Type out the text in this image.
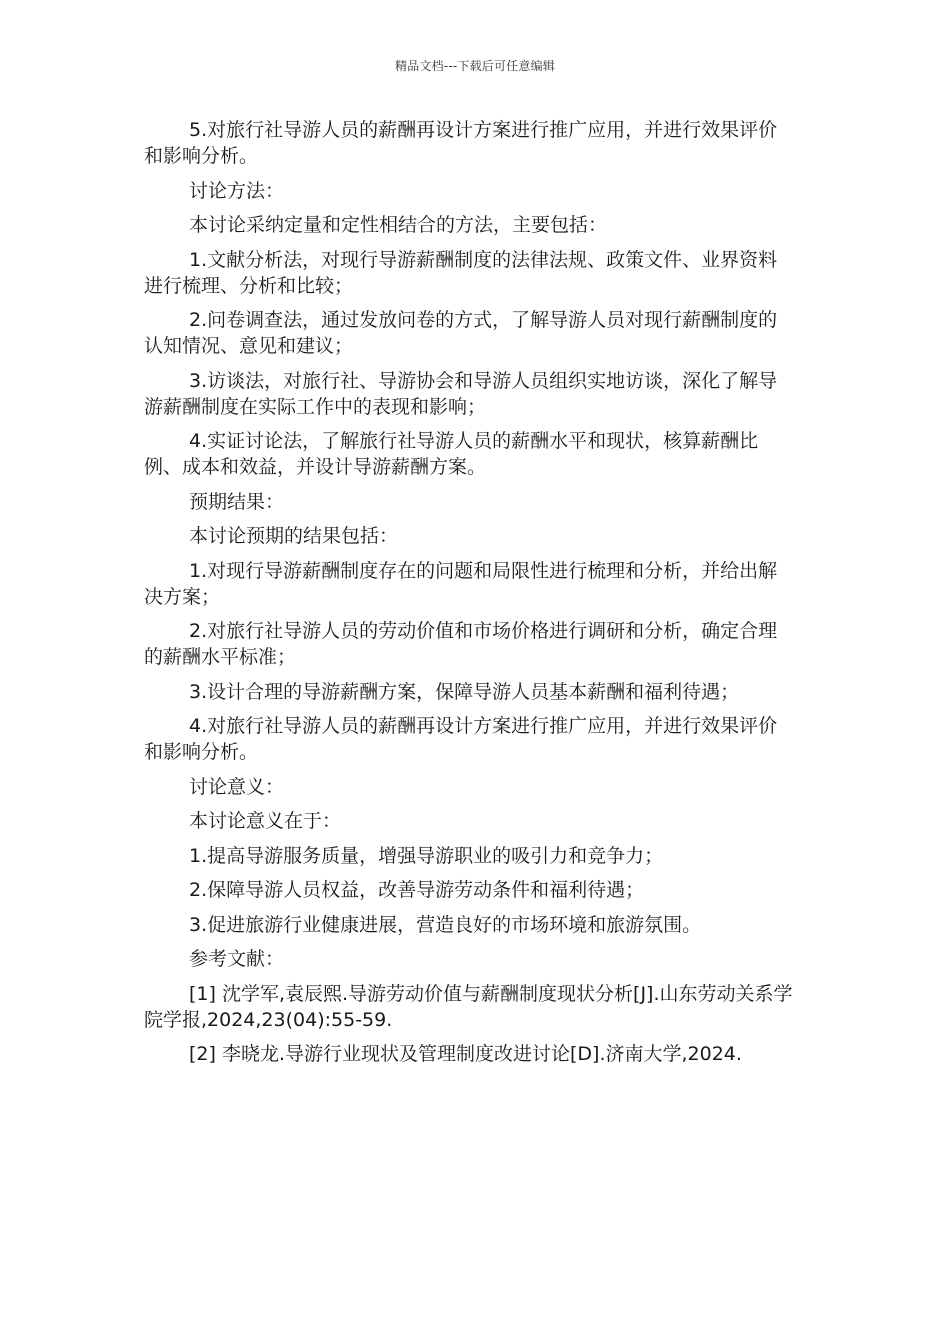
精品文档---下载后可任意编辑

5.对旅行社导游人员的薪酬再设计方案进行推广应用，并进行效果评价和影响分析。

讨论方法：

本讨论采纳定量和定性相结合的方法，主要包括：

1.文献分析法，对现行导游薪酬制度的法律法规、政策文件、业界资料进行梳理、分析和比较；

2.问卷调查法，通过发放问卷的方式，了解导游人员对现行薪酬制度的认知情况、意见和建议；

3.访谈法，对旅行社、导游协会和导游人员组织实地访谈，深化了解导游薪酬制度在实际工作中的表现和影响；

4.实证讨论法，了解旅行社导游人员的薪酬水平和现状，核算薪酬比例、成本和效益，并设计导游薪酬方案。

预期结果：

本讨论预期的结果包括：

1.对现行导游薪酬制度存在的问题和局限性进行梳理和分析，并给出解决方案；

2.对旅行社导游人员的劳动价值和市场价格进行调研和分析，确定合理的薪酬水平标准；

3.设计合理的导游薪酬方案，保障导游人员基本薪酬和福利待遇；

4.对旅行社导游人员的薪酬再设计方案进行推广应用，并进行效果评价和影响分析。

讨论意义：

本讨论意义在于：

1.提高导游服务质量，增强导游职业的吸引力和竞争力；

2.保障导游人员权益，改善导游劳动条件和福利待遇；

3.促进旅游行业健康进展，营造良好的市场环境和旅游氛围。

参考文献：

[1] 沈学军,袁辰熙.导游劳动价值与薪酬制度现状分析[J].山东劳动关系学院学报,2024,23(04):55-59.

[2] 李晓龙.导游行业现状及管理制度改进讨论[D].济南大学,2024.
